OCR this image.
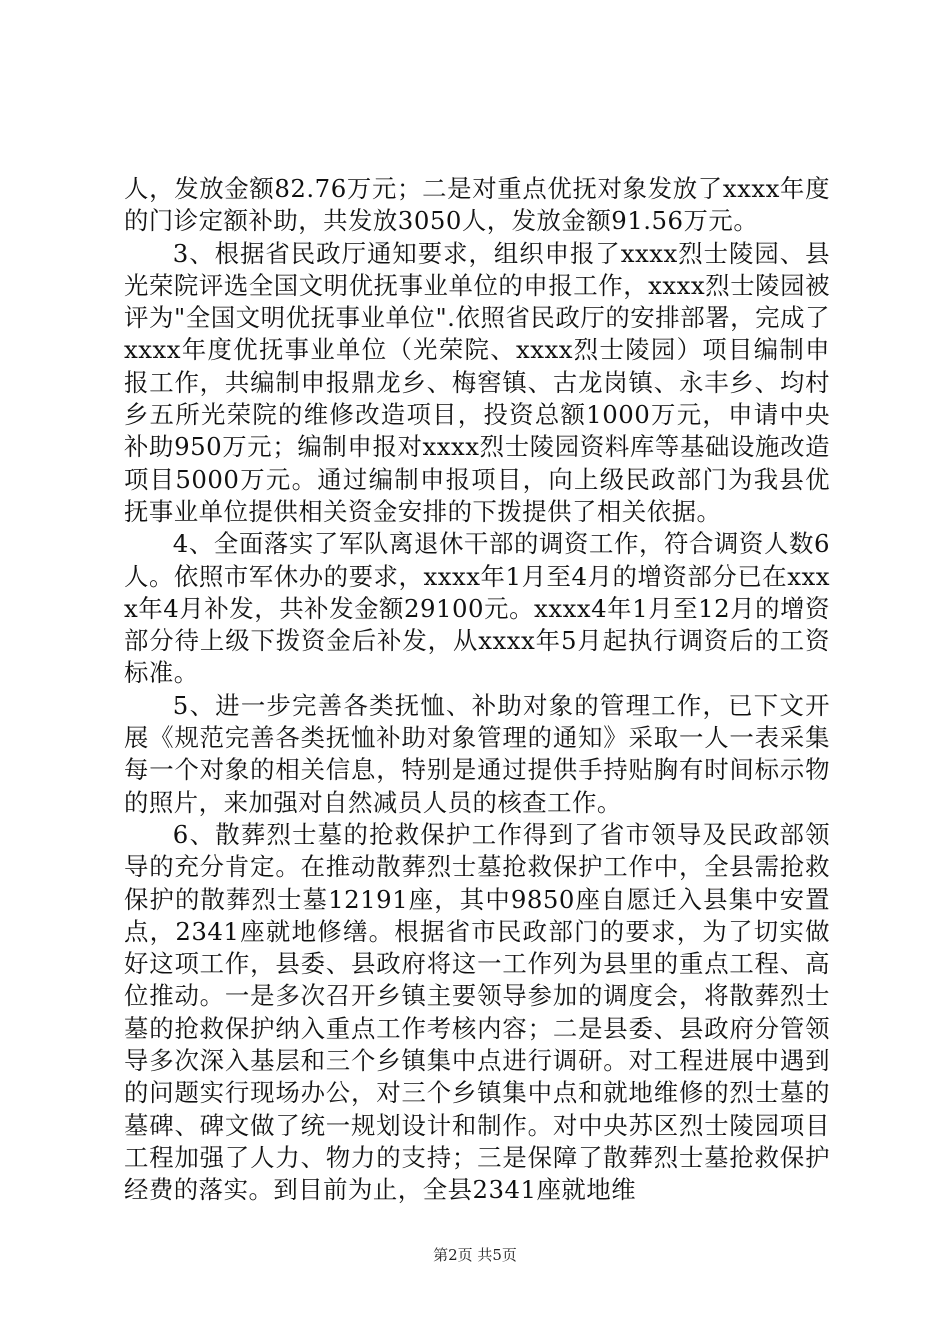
人，发放金额82.76万元；二是对重点优抚对象发放了xxxx年度的门诊定额补助，共发放3050人，发放金额91.56万元。

3、根据省民政厅通知要求，组织申报了xxxx烈士陵园、县光荣院评选全国文明优抚事业单位的申报工作，xxxx烈士陵园被评为"全国文明优抚事业单位".依照省民政厅的安排部署，完成了xxxx年度优抚事业单位（光荣院、xxxx烈士陵园）项目编制申报工作，共编制申报鼎龙乡、梅窖镇、古龙岗镇、永丰乡、均村乡五所光荣院的维修改造项目，投资总额1000万元，申请中央补助950万元；编制申报对xxxx烈士陵园资料库等基础设施改造项目5000万元。通过编制申报项目，向上级民政部门为我县优抚事业单位提供相关资金安排的下拨提供了相关依据。

4、全面落实了军队离退休干部的调资工作，符合调资人数6人。依照市军休办的要求，xxxx年1月至4月的增资部分已在xxxx年4月补发，共补发金额29100元。xxxx4年1月至12月的增资部分待上级下拨资金后补发，从xxxx年5月起执行调资后的工资标准。

5、进一步完善各类抚恤、补助对象的管理工作，已下文开展《规范完善各类抚恤补助对象管理的通知》采取一人一表采集每一个对象的相关信息，特别是通过提供手持贴胸有时间标示物的照片，来加强对自然减员人员的核查工作。

6、散葬烈士墓的抢救保护工作得到了省市领导及民政部领导的充分肯定。在推动散葬烈士墓抢救保护工作中，全县需抢救保护的散葬烈士墓12191座，其中9850座自愿迁入县集中安置点，2341座就地修缮。根据省市民政部门的要求，为了切实做好这项工作，县委、县政府将这一工作列为县里的重点工程、高位推动。一是多次召开乡镇主要领导参加的调度会，将散葬烈士墓的抢救保护纳入重点工作考核内容；二是县委、县政府分管领导多次深入基层和三个乡镇集中点进行调研。对工程进展中遇到的问题实行现场办公，对三个乡镇集中点和就地维修的烈士墓的墓碑、碑文做了统一规划设计和制作。对中央苏区烈士陵园项目工程加强了人力、物力的支持；三是保障了散葬烈士墓抢救保护经费的落实。到目前为止，全县2341座就地维

第2页 共5页
